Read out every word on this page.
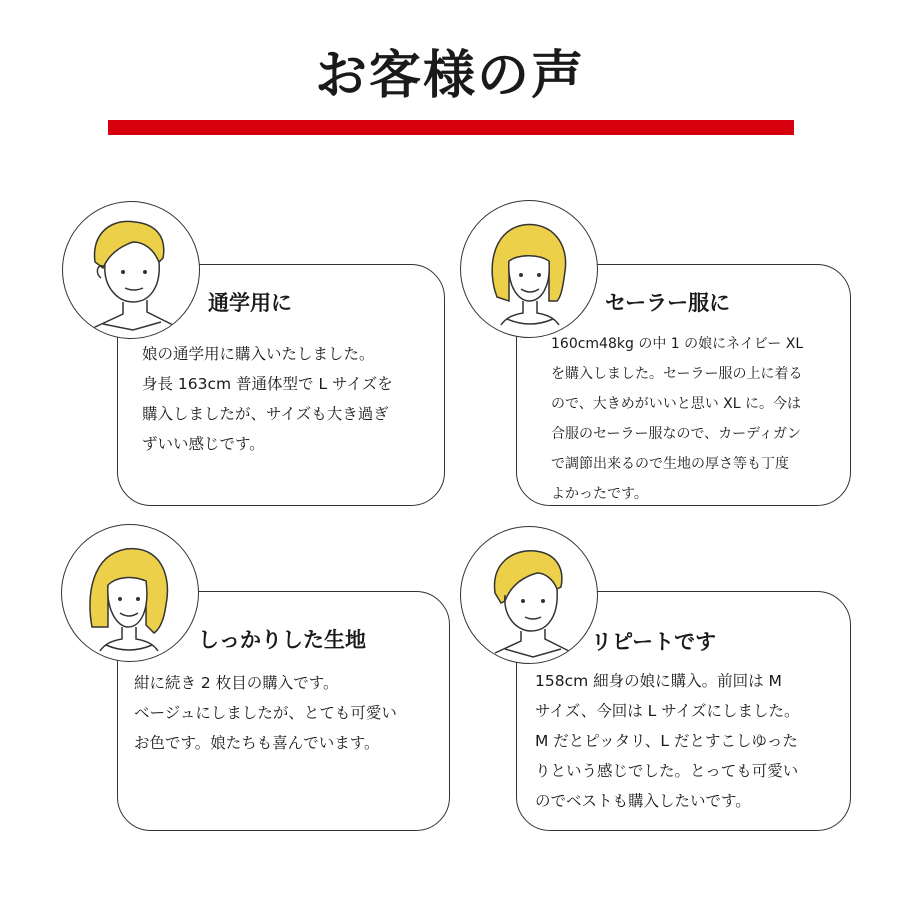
お客様の声
通学用に
娘の通学用に購入いたしました。
身長 163cm 普通体型で L サイズを
購入しましたが、サイズも大き過ぎ
ずいい感じです。
セーラー服に
160cm48kg の中 1 の娘にネイビー XL
を購入しました。セーラー服の上に着る
ので、大きめがいいと思い XL に。今は
合服のセーラー服なので、カーディガン
で調節出来るので生地の厚さ等も丁度
よかったです。
しっかりした生地
紺に続き 2 枚目の購入です。
ベージュにしましたが、とても可愛い
お色です。娘たちも喜んでいます。
リピートです
158cm 細身の娘に購入。前回は M
サイズ、今回は L サイズにしました。
M だとピッタリ、L だとすこしゆった
りという感じでした。とっても可愛い
のでベストも購入したいです。
